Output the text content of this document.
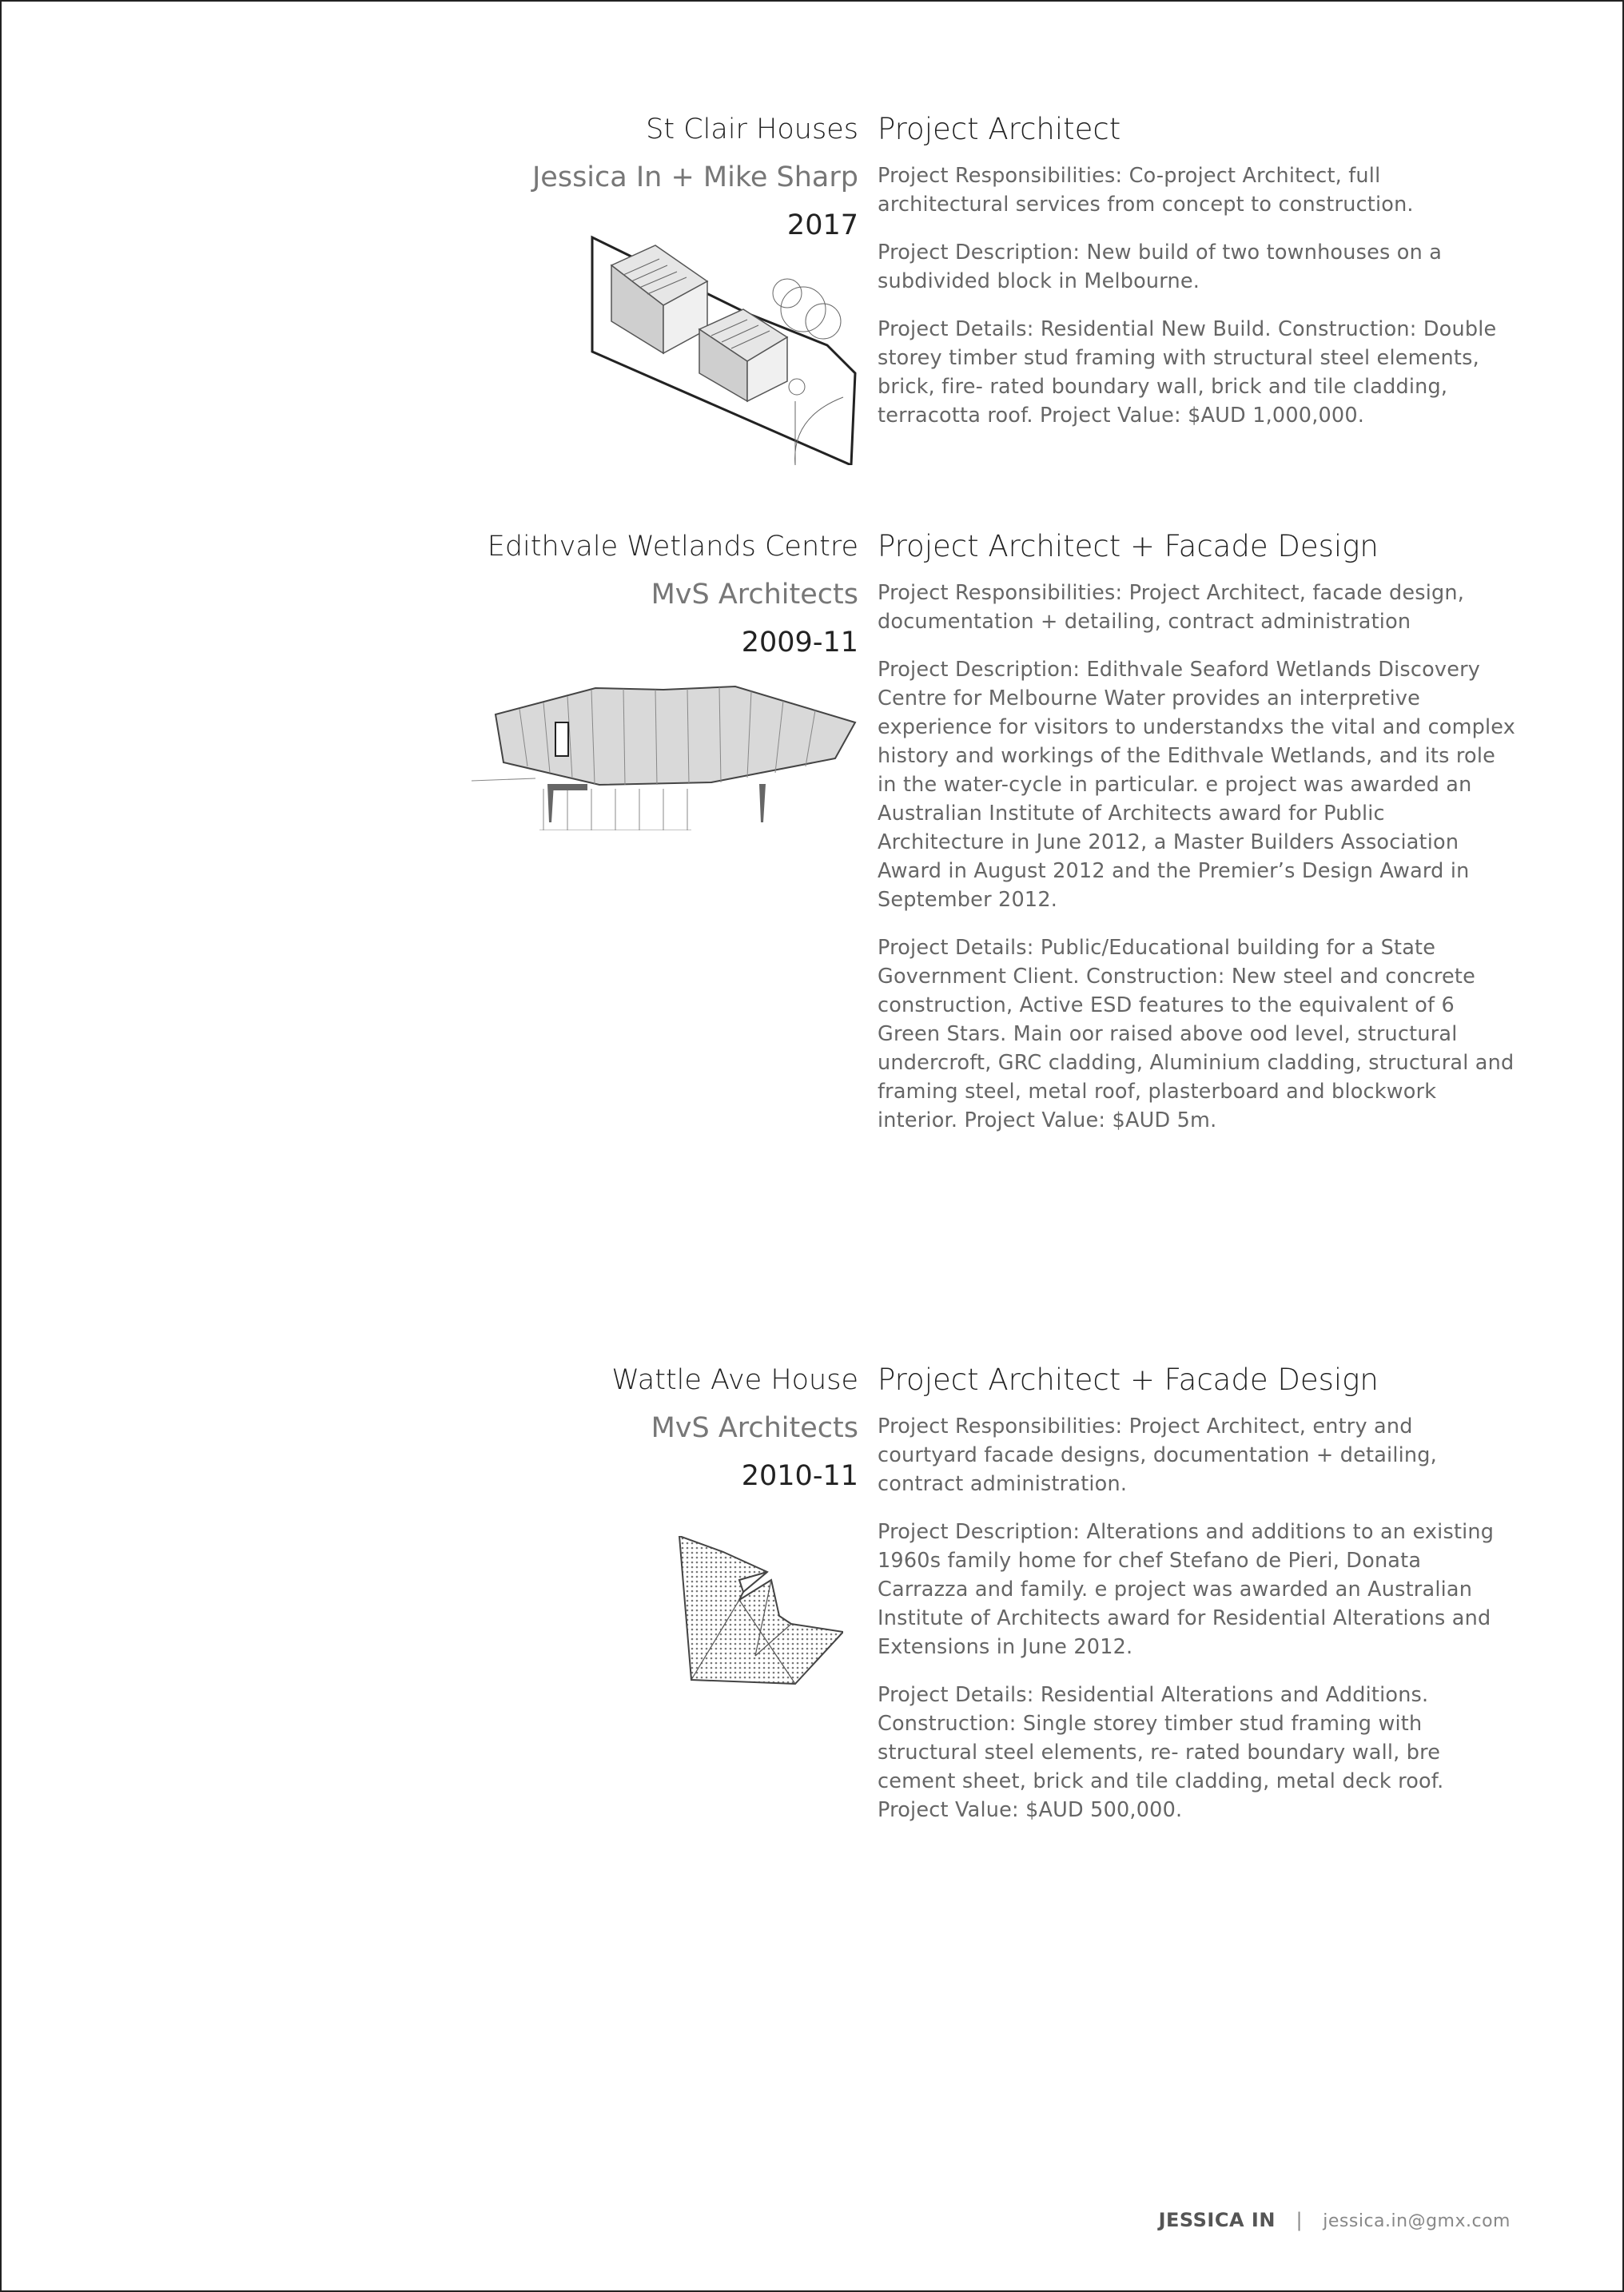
St Clair Houses
Jessica In + Mike Sharp
2017
Project Architect

Project Responsibilities: Co-project Architect, full architectural services from concept to construction.

Project Description: New build of two townhouses on a subdivided block in Melbourne.

Project Details: Residential New Build. Construction: Double storey timber stud framing with structural steel elements, brick, fire- rated boundary wall, brick and tile cladding, terracotta roof. Project Value: $AUD 1,000,000.

Edithvale Wetlands Centre
MvS Architects
2009-11
Project Architect + Facade Design

Project Responsibilities: Project Architect, facade design, documentation + detailing, contract administration

Project Description: Edithvale Seaford Wetlands Discovery Centre for Melbourne Water provides an interpretive experience for visitors to understandxs the vital and complex history and workings of the Edithvale Wetlands, and its role in the water-cycle in particular. e project was awarded an Australian Institute of Architects award for Public Architecture in June 2012, a Master Builders Association Award in August 2012 and the Premier’s Design Award in September 2012.

Project Details: Public/Educational building for a State Government Client. Construction: New steel and concrete construction, Active ESD features to the equivalent of 6 Green Stars. Main oor raised above ood level, structural undercroft, GRC cladding, Aluminium cladding, structural and framing steel, metal roof, plasterboard and blockwork interior. Project Value: $AUD 5m.

Wattle Ave House
MvS Architects
2010-11
Project Architect + Facade Design

Project Responsibilities: Project Architect, entry and courtyard facade designs, documentation + detailing, contract administration.

Project Description: Alterations and additions to an existing 1960s family home for chef Stefano de Pieri, Donata Carrazza and family. e project was awarded an Australian Institute of Architects award for Residential Alterations and Extensions in June 2012.

Project Details: Residential Alterations and Additions. Construction: Single storey timber stud framing with structural steel elements, re- rated boundary wall, bre cement sheet, brick and tile cladding, metal deck roof. Project Value: $AUD 500,000.

JESSICA IN | jessica.in@gmx.com
